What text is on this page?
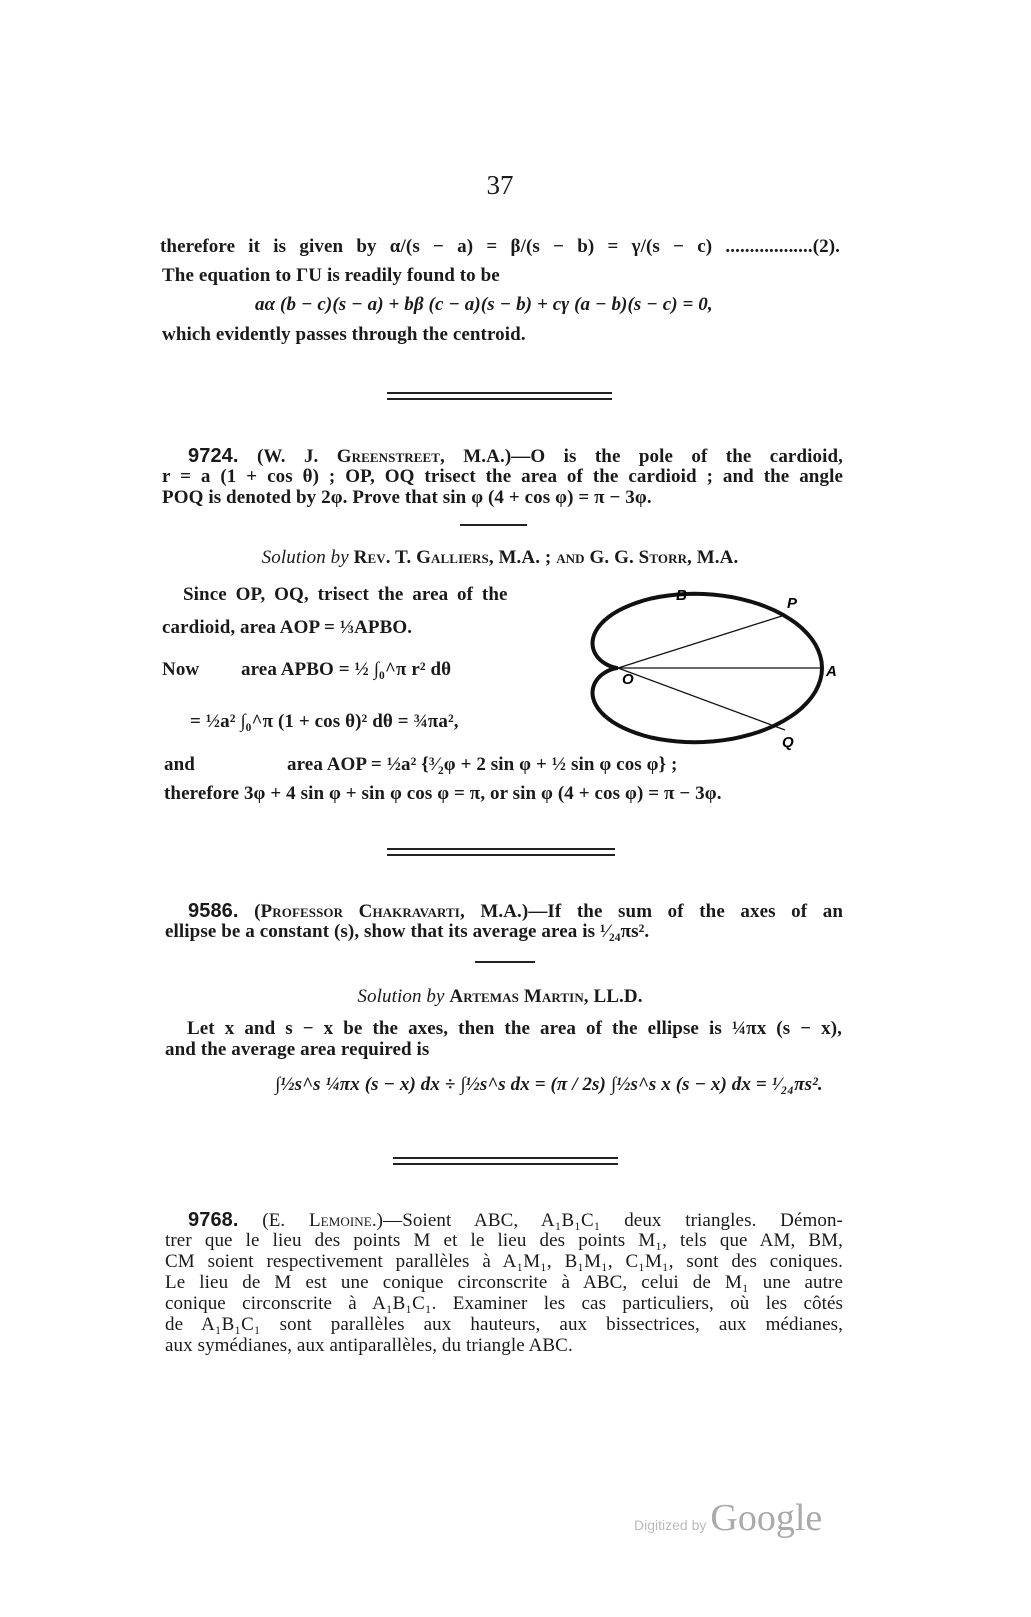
37
therefore it is given by α/(s − a) = β/(s − b) = γ/(s − c) ..................(2).
The equation to ΓU is readily found to be
aα (b − c)(s − a) + bβ (c − a)(s − b) + cγ (a − b)(s − c) = 0,
which evidently passes through the centroid.
9724. (W. J. Greenstreet, M.A.)—O is the pole of the cardioid,
r = a (1 + cos θ) ; OP, OQ trisect the area of the cardioid ; and the angle
POQ is denoted by 2φ. Prove that sin φ (4 + cos φ) = π − 3φ.
Solution by Rev. T. Galliers, M.A. ; and G. G. Storr, M.A.
Since OP, OQ, trisect the area of the
cardioid, area AOP = ⅓APBO.
Now area APBO = ½ ∫₀^π r² dθ
= ½a² ∫₀^π (1 + cos θ)² dθ = ¾πa²,
and	area AOP = ½a² {³⁄₂φ + 2 sin φ + ½ sin φ cos φ} ;
therefore 3φ + 4 sin φ + sin φ cos φ = π, or sin φ (4 + cos φ) = π − 3φ.
B	P
A
O
Q
9586. (Professor Chakravarti, M.A.)—If the sum of the axes of an
ellipse be a constant (s), show that its average area is ¹⁄₂₄πs².
Solution by Artemas Martin, LL.D.
Let x and s − x be the axes, then the area of the ellipse is ¼πx (s − x),
and the average area required is
∫½s^s ¼πx (s − x) dx ÷ ∫½s^s dx = (π / 2s) ∫½s^s x (s − x) dx = ¹⁄₂₄πs².
9768. (E. Lemoine.)—Soient ABC, A₁B₁C₁ deux triangles. Démon-
trer que le lieu des points M et le lieu des points M₁, tels que AM, BM,
CM soient respectivement parallèles à A₁M₁, B₁M₁, C₁M₁, sont des coniques.
Le lieu de M est une conique circonscrite à ABC, celui de M₁ une autre
conique circonscrite à A₁B₁C₁. Examiner les cas particuliers, où les côtés
de A₁B₁C₁ sont parallèles aux hauteurs, aux bissectrices, aux médianes,
aux symédianes, aux antiparallèles, du triangle ABC.
Digitized by Google
